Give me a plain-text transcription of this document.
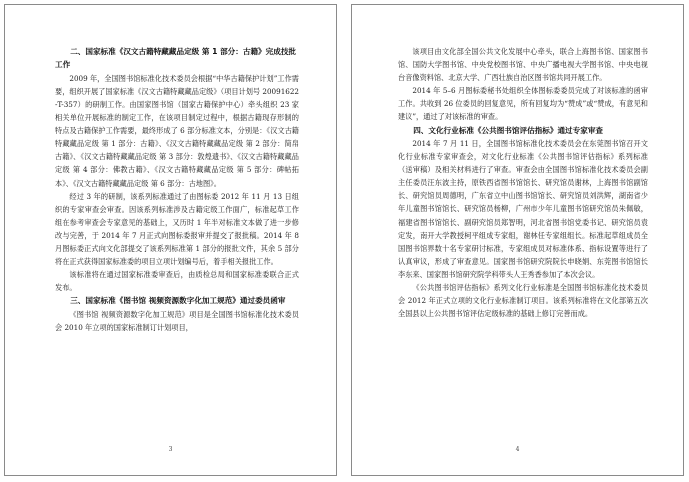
二、国家标准《汉文古籍特藏藏品定级 第 1 部分：古籍》完成技批工作

2009 年，全国图书馆标准化技术委员会根据“中华古籍保护计划”工作需要，组织开展了国家标准《汉文古籍特藏藏品定级》（项目计划号 20091622-T-357）的研制工作。由国家图书馆（国家古籍保护中心）牵头组织 23 家相关单位开展标准的制定工作，在该项目制定过程中，根据古籍现存形制的特点及古籍保护工作需要，最终形成了 6 部分标准文本，分别是：《汉文古籍特藏藏品定级 第 1 部分：古籍》、《汉文古籍特藏藏品定级 第 2 部分：简帛古籍》、《汉文古籍特藏藏品定级 第 3 部分：敦煌遗书》、《汉文古籍特藏藏品定级 第 4 部分：佛教古籍》、《汉文古籍特藏藏品定级 第 5 部分：碑帖拓本》、《汉文古籍特藏藏品定级 第 6 部分：古地图》。

经过 3 年的研制，该系列标准通过了由图标委 2012 年 11 月 13 日组织的专家审查会审查。因该系列标准涉及古籍定级工作面广，标准起草工作组在参考审查会专家意见的基础上，又历时 1 年半对标准文本做了进一步修改与完善，于 2014 年 7 月正式向图标委报审并提交了报批稿。2014 年 8 月图标委正式向文化部提交了该系列标准第 1 部分的报批文件，其余 5 部分将在正式获得国家标准委的项目立项计划编号后，着手相关报批工作。

该标准将在通过国家标准委审查后，由质检总局和国家标准委联合正式发布。

三、国家标准《图书馆 视频资源数字化加工规范》通过委员函审

《图书馆 视频资源数字化加工规范》项目是全国图书馆标准化技术委员会 2010 年立项的国家标准制订计划项目，

3

该项目由文化部全国公共文化发展中心牵头，联合上海图书馆、国家图书馆、国防大学图书馆、中央党校图书馆、中央广播电视大学图书馆、中央电视台音像资料馆、北京大学、广西壮族自治区图书馆共同开展工作。

2014 年 5–6 月图标委秘书处组织全体图标委委员完成了对该标准的函审工作。共收到 26 位委员的回复意见，所有回复均为“赞成”或“赞成，有意见和建议”，通过了对该标准的审查。

四、文化行业标准《公共图书馆评估指标》通过专家审查

2014 年 7 月 11 日，全国图书馆标准化技术委员会在东莞图书馆召开文化行业标准专家审查会，对文化行业标准《公共图书馆评估指标》系列标准（送审稿）及相关材料进行了审查。审查会由全国图书馆标准化技术委员会副主任委员汪东波主持，原铁西省图书馆馆长、研究馆员谢林，上海图书馆副馆长、研究馆员周德明，广东省立中山图书馆馆长、研究馆员刘洪辉，湖南省少年儿童图书馆馆长、研究馆员杨柳，广州市少年儿童图书馆研究馆员朱佩敏，福建省图书馆馆长、副研究馆员郑智明，河北省图书馆党委书记、研究馆员袁定发，南开大学教授柯平组成专家组，谢林任专家组组长。标准起草组成员全国图书馆界数十名专家研讨标准，专家组成员对标准体系、指标设置等进行了认真审议，形成了审查意见。国家图书馆研究院院长申晓娟、东莞图书馆馆长李东来、国家图书馆研究院学科带头人王秀香参加了本次会议。

《公共图书馆评估指标》系列文化行业标准是全国图书馆标准化技术委员会 2012 年正式立项的文化行业标准制订项目。该系列标准将在文化部第五次全国县以上公共图书馆评估定级标准的基础上修订完善而成。

4
